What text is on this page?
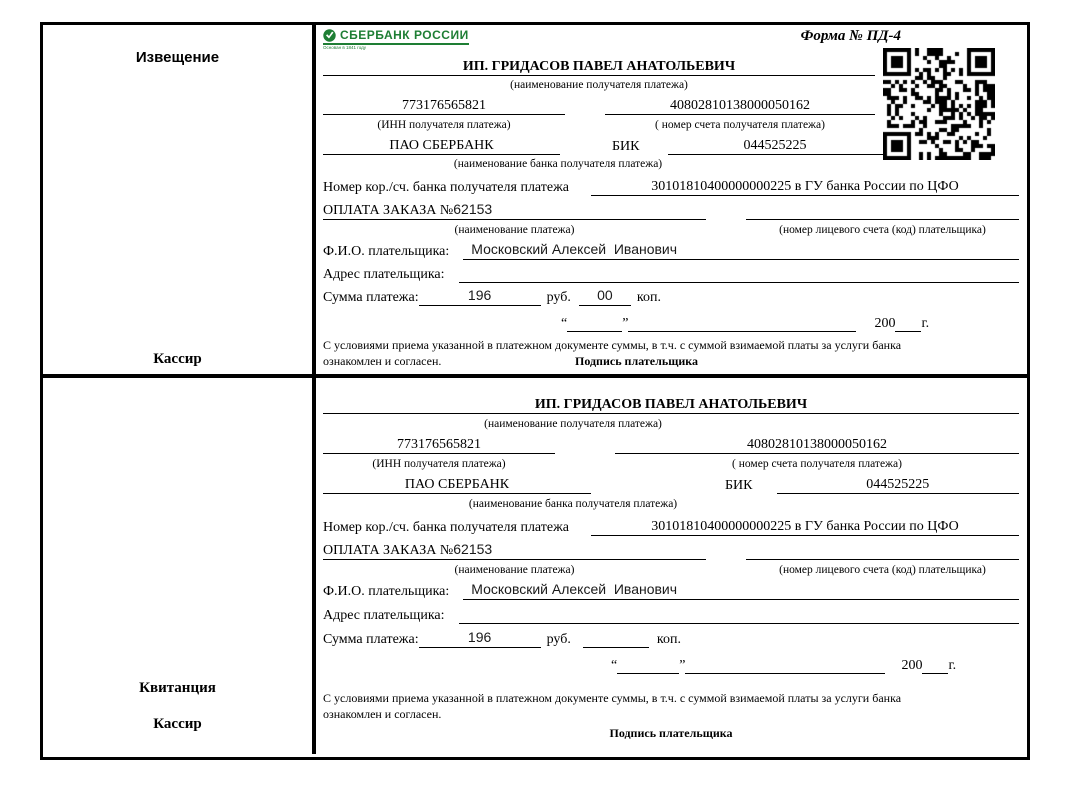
Извещение
Кассир
СБЕРБАНК РОССИИ
Основан в 1841 году
Форма № ПД-4
ИП. ГРИДАСОВ ПАВЕЛ АНАТОЛЬЕВИЧ
(наименование получателя платежа)
773176565821	40802810138000050162
(ИНН получателя платежа)	( номер счета получателя платежа)
ПАО СБЕРБАНК	БИК	044525225
(наименование банка получателя платежа)
Номер кор./сч. банка получателя платежа	30101810400000000225 в ГУ банка России по ЦФО
ОПЛАТА ЗАКАЗА №62153
(наименование платежа)	(номер лицевого счета (код) плательщика)
Ф.И.О. плательщика:	Московский Алексей  Иванович
Адрес плательщика:
Сумма платежа:	196	руб.	00	коп.
“	”	200 г.
С условиями приема указанной в платежном документе суммы, в т.ч. с суммой взимаемой платы за услуги банка
ознакомлен и согласен.	Подпись плательщика
Квитанция
Кассир
ИП. ГРИДАСОВ ПАВЕЛ АНАТОЛЬЕВИЧ
(наименование получателя платежа)
773176565821	40802810138000050162
(ИНН получателя платежа)	( номер счета получателя платежа)
ПАО СБЕРБАНК	БИК	044525225
(наименование банка получателя платежа)
Номер кор./сч. банка получателя платежа	30101810400000000225 в ГУ банка России по ЦФО
ОПЛАТА ЗАКАЗА №62153
(наименование платежа)	(номер лицевого счета (код) плательщика)
Ф.И.О. плательщика:	Московский Алексей  Иванович
Адрес плательщика:
Сумма платежа:	196	руб.	коп.
“	”	200 г.
С условиями приема указанной в платежном документе суммы, в т.ч. с суммой взимаемой платы за услуги банка
ознакомлен и согласен.
Подпись плательщика
